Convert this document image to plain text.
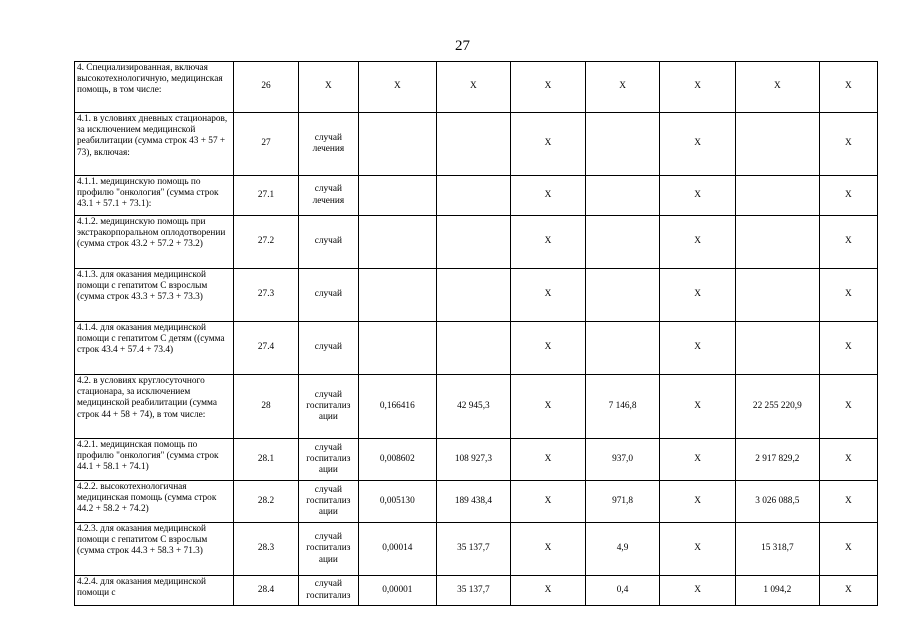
27
4. Специализированная, включая высокотехнологичную, медицинская помощь, в том числе:	26	X	X	X	X	X	X	X	X
4.1. в условиях дневных стационаров, за исключением медицинской реабилитации (сумма строк 43 + 57 + 73), включая:	27	случай лечения			X		X		X
4.1.1. медицинскую помощь по профилю "онкология" (сумма строк 43.1 + 57.1 + 73.1):	27.1	случай лечения			X		X		X
4.1.2. медицинскую помощь при экстракорпоральном оплодотворении (сумма строк 43.2 + 57.2 + 73.2)	27.2	случай			X		X		X
4.1.3. для оказания медицинской помощи с гепатитом С взрослым (сумма строк 43.3 + 57.3 + 73.3)	27.3	случай			X		X		X
4.1.4. для оказания медицинской помощи с гепатитом С детям ((сумма строк 43.4 + 57.4 + 73.4)	27.4	случай			X		X		X
4.2. в условиях круглосуточного стационара, за исключением медицинской реабилитации (сумма строк 44 + 58 + 74), в том числе:	28	случай госпитализ ации	0,166416	42 945,3	X	7 146,8	X	22 255 220,9	X
4.2.1. медицинская помощь по профилю "онкология" (сумма строк 44.1 + 58.1 + 74.1)	28.1	случай госпитализ ации	0,008602	108 927,3	X	937,0	X	2 917 829,2	X
4.2.2. высокотехнологичная медицинская помощь (сумма строк 44.2 + 58.2 + 74.2)	28.2	случай госпитализ ации	0,005130	189 438,4	X	971,8	X	3 026 088,5	X
4.2.3. для оказания медицинской помощи с гепатитом С взрослым (сумма строк 44.3 + 58.3 + 71.3)	28.3	случай госпитализ ации	0,00014	35 137,7	X	4,9	X	15 318,7	X
4.2.4. для оказания медицинской помощи с	28.4	случай госпитализ	0,00001	35 137,7	X	0,4	X	1 094,2	X
